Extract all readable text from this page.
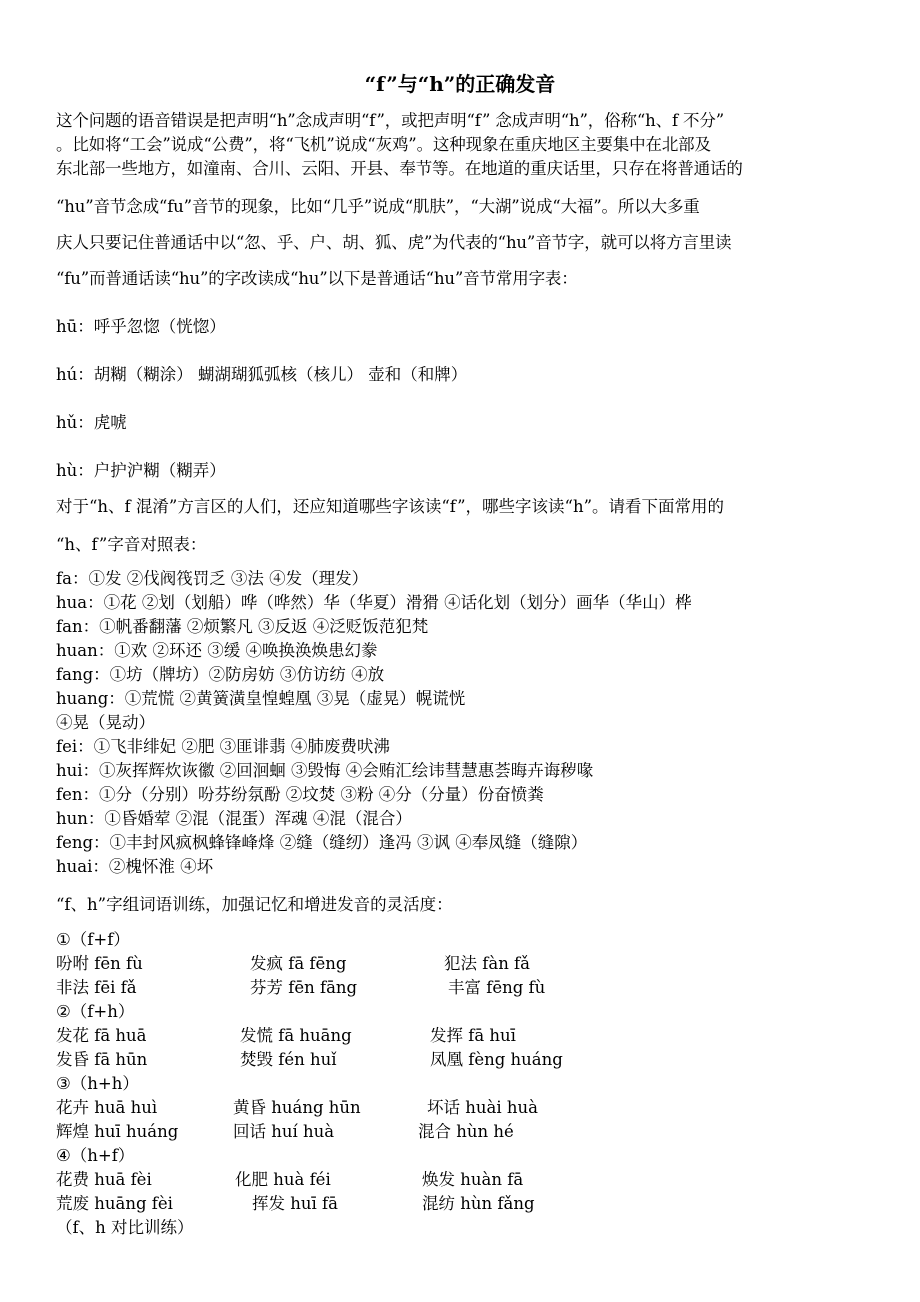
“f”与“h”的正确发音
这个问题的语音错误是把声明“h”念成声明“f”，或把声明“f” 念成声明“h”，俗称“h、f 不分”
。比如将“工会”说成“公费”，将“飞机”说成“灰鸡”。这种现象在重庆地区主要集中在北部及
东北部一些地方，如潼南、合川、云阳、开县、奉节等。在地道的重庆话里，只存在将普通话的
“hu”音节念成“fu”音节的现象，比如“几乎”说成“肌肤”，“大湖”说成“大福”。所以大多重
庆人只要记住普通话中以“忽、乎、户、胡、狐、虎”为代表的“hu”音节字，就可以将方言里读
“fu”而普通话读“hu”的字改读成“hu”以下是普通话“hu”音节常用字表：
hū：呼乎忽惚（恍惚）
hú：胡糊（糊涂） 蝴湖瑚狐弧核（核儿） 壶和（和牌）
hǔ：虎唬
hù：户护沪糊（糊弄）
对于“h、f 混淆”方言区的人们，还应知道哪些字该读“f”，哪些字该读“h”。请看下面常用的
“h、f”字音对照表：
fa：①发 ②伐阀筏罚乏 ③法 ④发（理发）
hua：①花 ②划（划船）哗（哗然）华（华夏）滑猾 ④话化划（划分）画华（华山）桦
fan：①帆番翻藩 ②烦繁凡 ③反返 ④泛贬饭范犯梵
huan：①欢 ②环还 ③缓 ④唤换涣焕患幻豢
fang：①坊（牌坊）②防房妨 ③仿访纺 ④放
huang：①荒慌 ②黄簧潢皇惶蝗凰 ③晃（虚晃）幌谎恍
④晃（晃动）
fei：①飞非绯妃 ②肥 ③匪诽翡 ④肺废费吠沸
hui：①灰挥辉炊诙徽 ②回洄蛔 ③毁悔 ④会贿汇绘讳彗慧惠荟晦卉诲秽喙
fen：①分（分别）吩芬纷氛酚 ②坟焚 ③粉 ④分（分量）份奋愤粪
hun：①昏婚荤 ②混（混蛋）浑魂 ④混（混合）
feng：①丰封风疯枫蜂锋峰烽 ②缝（缝纫）逢冯 ③讽 ④奉凤缝（缝隙）
huai：②槐怀淮 ④坏
“f、h”字组词语训练，加强记忆和增进发音的灵活度：
①（f+f）
吩咐 fēn fù	发疯 fā fēng	犯法 fàn fǎ
非法 fēi fǎ	芬芳 fēn fāng	丰富 fēng fù
②（f+h）
发花 fā huā	发慌 fā huāng	发挥 fā huī
发昏 fā hūn	焚毁 fén huǐ	凤凰 fèng huáng
③（h+h）
花卉 huā huì	黄昏 huáng hūn	坏话 huài huà
辉煌 huī huáng	回话 huí huà	混合 hùn hé
④（h+f）
花费 huā fèi	化肥 huà féi	焕发 huàn fā
荒废 huāng fèi	挥发 huī fā	混纺 hùn fǎng
（f、h 对比训练）
